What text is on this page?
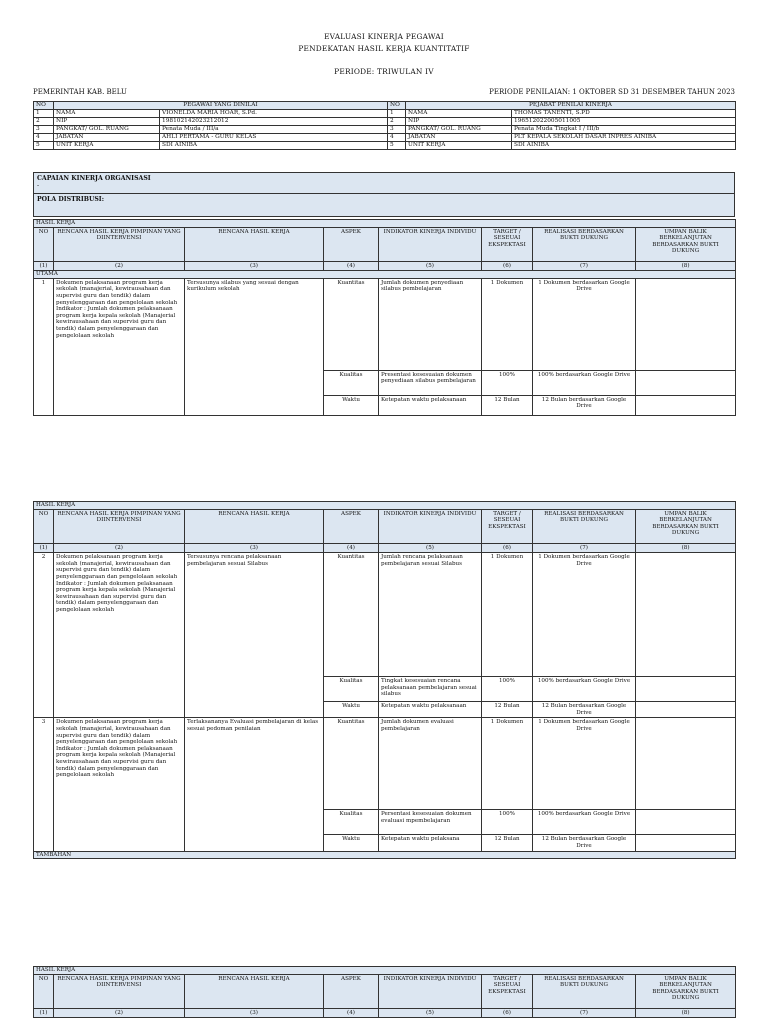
EVALUASI KINERJA PEGAWAI
PENDEKATAN HASIL KERJA KUANTITATIF
PERIODE: TRIWULAN IV
PEMERINTAH KAB. BELU	PERIODE PENILAIAN: 1 OKTOBER SD 31 DESEMBER TAHUN 2023
NO	PEGAWAI YANG DINILAI		NO	PEJABAT PENILAI KINERJA	
1	NAMA	VIONELDA MARIA HOAR, S.Pd.	1	NAMA	THOMAS TANENTI, S.PD
2	NIP	198102142023212012	2	NIP	196512022005011005
3	PANGKAT/ GOL. RUANG	Penata Muda / III/a	3	PANGKAT/ GOL. RUANG	Penata Muda Tingkat I / III/b
4	JABATAN	AHLI PERTAMA - GURU KELAS	4	JABATAN	PLT KEPALA SEKOLAH DASAR INPRES AINIBA
5	UNIT KERJA	SDI AINIBA	5	UNIT KERJA	SDI AINIBA
CAPAIAN KINERJA ORGANISASI
-
POLA DISTRIBUSI:
HASIL KERJA							
NO	RENCANA HASIL KERJA PIMPINAN YANG DIINTERVENSI	RENCANA HASIL KERJA	ASPEK	INDIKATOR KINERJA INDIVIDU	TARGET / SESEUAI EKSPEKTASI	REALISASI BERDASARKAN BUKTI DUKUNG	UMPAN BALIK BERKELANJUTAN BERDASARKAN BUKTI DUKUNG
(1)	(2)	(3)	(4)	(5)	(6)	(7)	(8)
UTAMA							
1	Dokumen pelaksanaan program kerja sekolah (manajerial, kewirausahaan dan supervisi guru dan tendik) dalam penyelenggaraan dan pengelolaan sekolah Indikator : Jumlah dokumen pelaksanaan program kerja kepala sekolah (Manajerial kewirausahaan dan supervisi guru dan tendik) dalam penyelenggaraan dan pengelolaan sekolah	Tersusunya silabus yang sesuai dengan kurikulum sekolah	Kuantitas	Jumlah dokumen penyediaan silabus pembelajaran	1 Dokumen	1 Dokumen berdasarkan Google Drive	
			Kualitas	Presentasi kesesuaian dokumen penyediaan silabus pembelajaran	100%	100% berdasarkan Google Drive	
			Waktu	Ketepatan waktu pelaksanaan	12 Bulan	12 Bulan berdasarkan Google Drive	
HASIL KERJA							
NO	RENCANA HASIL KERJA PIMPINAN YANG DIINTERVENSI	RENCANA HASIL KERJA	ASPEK	INDIKATOR KINERJA INDIVIDU	TARGET / SESEUAI EKSPEKTASI	REALISASI BERDASARKAN BUKTI DUKUNG	UMPAN BALIK BERKELANJUTAN BERDASARKAN BUKTI DUKUNG
(1)	(2)	(3)	(4)	(5)	(6)	(7)	(8)
2	Dokumen pelaksanaan program kerja sekolah (manajerial, kewirausahaan dan supervisi guru dan tendik) dalam penyelenggaraan dan pengelolaan sekolah Indikator : Jumlah dokumen pelaksanaan program kerja kepala sekolah (Manajerial kewirausahaan dan supervisi guru dan tendik) dalam penyelenggaraan dan pengelolaan sekolah	Tersusunya rencana pelaksanaan pembelajaran sesuai Silabus	Kuantitas	Jumlah rencana pelaksanaan pembelajaran sesuai Silabus	1 Dokumen	1 Dokumen berdasarkan Google Drive	
			Kualitas	Tingkat kesesuaian rencana pelaksanaan pembelajaran sesuai silabus	100%	100% berdasarkan Google Drive	
			Waktu	Ketepatan waktu pelaksanaan	12 Bulan	12 Bulan berdasarkan Google Drive	
3	Dokumen pelaksanaan program kerja sekolah (manajerial, kewirausahaan dan supervisi guru dan tendik) dalam penyelenggaraan dan pengelolaan sekolah Indikator : Jumlah dokumen pelaksanaan program kerja kepala sekolah (Manajerial kewirausahaan dan supervisi guru dan tendik) dalam penyelenggaraan dan pengelolaan sekolah	Terlaksananya Evaluasi pembelajaran di kelas sesuai pedoman penilaian	Kuantitas	Jumlah dokumen evaluasi pembelajaran	1 Dokumen	1 Dokumen berdasarkan Google Drive	
			Kualitas	Persentasi kesesuaian dokumen evaluasi mpembelajaran	100%	100% berdasarkan Google Drive	
			Waktu	Ketepatan waktu pelaksana	12 Bulan	12 Bulan berdasarkan Google Drive	
TAMBAHAN							
HASIL KERJA							
NO	RENCANA HASIL KERJA PIMPINAN YANG DIINTERVENSI	RENCANA HASIL KERJA	ASPEK	INDIKATOR KINERJA INDIVIDU	TARGET / SESEUAI EKSPEKTASI	REALISASI BERDASARKAN BUKTI DUKUNG	UMPAN BALIK BERKELANJUTAN BERDASARKAN BUKTI DUKUNG
(1)	(2)	(3)	(4)	(5)	(6)	(7)	(8)
